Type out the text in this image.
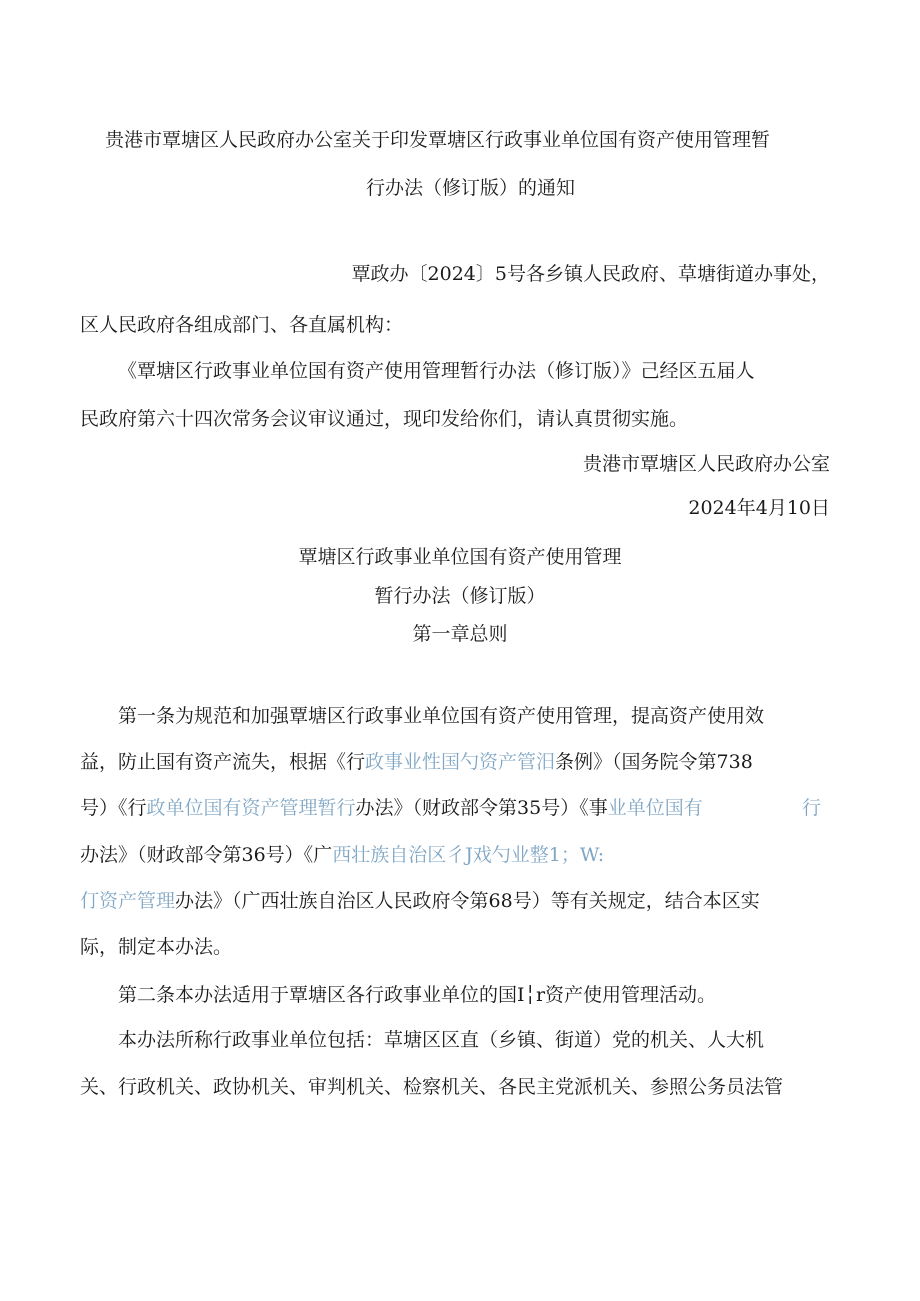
贵港市覃塘区人民政府办公室关于印发覃塘区行政事业单位国有资产使用管理暂
行办法（修订版）的通知
覃政办〔2024〕5号各乡镇人民政府、草塘街道办事处，
区人民政府各组成部门、各直属机构：
《覃塘区行政事业单位国有资产使用管理暂行办法（修订版）》己经区五届人
民政府第六十四次常务会议审议通过，现印发给你们，请认真贯彻实施。
贵港市覃塘区人民政府办公室
2024年4月10日
覃塘区行政事业单位国有资产使用管理
暂行办法（修订版）
第一章总则
第一条为规范和加强覃塘区行政事业单位国有资产使用管理，提高资产使用效
益，防止国有资产流失，根据《行政事业性国勺资产管汨条例》（国务院令第738
号）《行政单位国有资产管理暂行办法》（财政部令第35号）《事业单位国有	行
办法》（财政部令第36号）《广西壮族自治区彳J戏勺业整1；W:
仃资产管理办法》（广西壮族自治区人民政府令第68号）等有关规定，结合本区实
际，制定本办法。
第二条本办法适用于覃塘区各行政事业单位的国I╎r资产使用管理活动。
本办法所称行政事业单位包括：草塘区区直（乡镇、街道）党的机关、人大机
关、行政机关、政协机关、审判机关、检察机关、各民主党派机关、参照公务员法管
